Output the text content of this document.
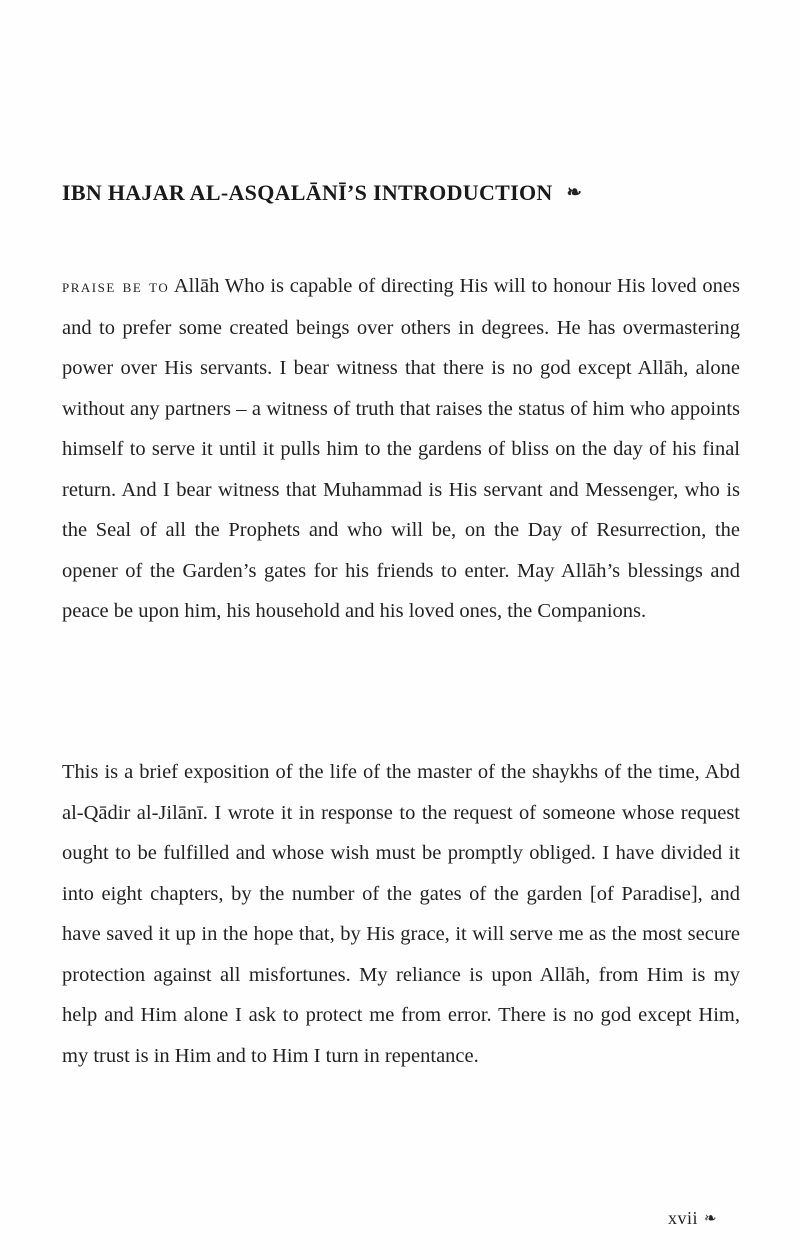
IBN HAJAR AL-ASQALĀNĪ’S INTRODUCTION ❧

praise be to Allāh Who is capable of directing His will to honour His loved ones and to prefer some created beings over others in degrees. He has overmastering power over His servants. I bear witness that there is no god except Allāh, alone without any partners – a witness of truth that raises the status of him who appoints himself to serve it until it pulls him to the gardens of bliss on the day of his final return. And I bear witness that Muhammad is His servant and Messenger, who is the Seal of all the Prophets and who will be, on the Day of Resurrection, the opener of the Garden’s gates for his friends to enter. May Allāh’s blessings and peace be upon him, his household and his loved ones, the Companions.

This is a brief exposition of the life of the master of the shaykhs of the time, Abd al-Qādir al-Jilānī. I wrote it in response to the request of someone whose request ought to be fulfilled and whose wish must be promptly obliged. I have divided it into eight chapters, by the number of the gates of the garden [of Paradise], and have saved it up in the hope that, by His grace, it will serve me as the most secure protection against all misfortunes. My reliance is upon Allāh, from Him is my help and Him alone I ask to protect me from error. There is no god except Him, my trust is in Him and to Him I turn in repentance.

xvii ❧
